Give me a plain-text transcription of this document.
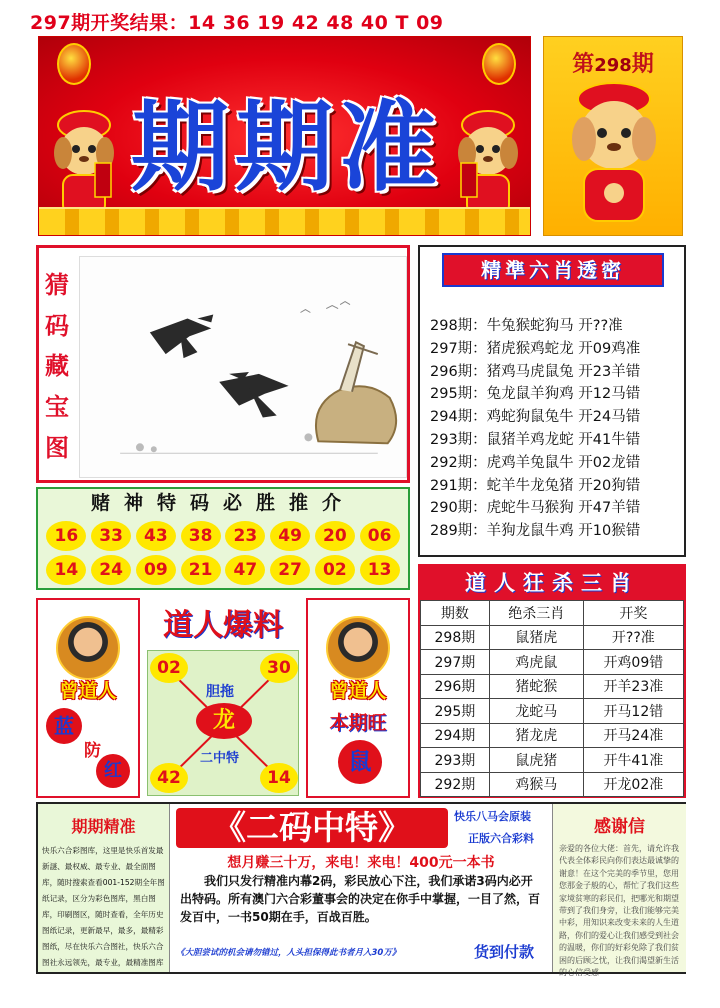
297期开奖结果：14 36 19 42 48 40 T 09
期期准
第298期
猜
码
藏
宝
图
精準六肖透密
298期：牛兔猴蛇狗马 开??准
297期：猪虎猴鸡蛇龙 开09鸡准
296期：猪鸡马虎鼠兔 开23羊错
295期：兔龙鼠羊狗鸡 开12马错
294期：鸡蛇狗鼠兔牛 开24马错
293期：鼠猪羊鸡龙蛇 开41牛错
292期：虎鸡羊兔鼠牛 开02龙错
291期：蛇羊牛龙兔猪 开20狗错
290期：虎蛇牛马猴狗 开47羊错
289期：羊狗龙鼠牛鸡 开10猴错
赌神特码必胜推介
16	33	43	38	23	49	20	06
14	24	09	21	47	27	02	13	道人狂杀三肖
期数	绝杀三肖	开奖
298期	鼠猪虎	开??准
297期	鸡虎鼠	开鸡09错
296期	猪蛇猴	开羊23准
295期	龙蛇马	开马12错
294期	猪龙虎	开马24准
293期	鼠虎猪	开牛41准
292期	鸡猴马	开龙02准
曾道人
蓝
防
红
道人爆料
02	30
42	14
胆拖
龙
二中特
曾道人
本期旺
鼠
期期精准

快乐六合彩图库，这里是快乐首发最新謎、最权威、最专业、最全面图库，随时搜索查看001-152期全年图纸记录，区分为彩色图库，黑白图库，印刷图区，随时查看，全年历史图纸记录，更新最早，最多，最精彩图纸，尽在快乐六合图社，快乐六合图社永远领先，最专业，最精准图库

《二码中特》	快乐八马会原装
正版六合彩料
想月赚三十万，来电！来电！400元一本书
我们只发行精准内幕2码，彩民放心下注，我们承诺3码内必开出特码。所有澳门六合彩董事会的决定在你手中掌握，一目了然，百发百中，一书50期在手，百战百胜。
《大胆尝试的机会请勿错过，人头担保得此书者月入30万》	货到付款
感谢信

亲爱的各位大佬：首先，请允许我代表全体彩民向你们表达最诚挚的谢意！在这个完美的季节里，您用您那金子般的心，帮忙了我们这些家境贫寒的彩民们，把哪光和期望带到了我们身旁，让我们能够完美中彩，用知识来改变未来的人生道路，你们的爱心让我们感受到社会的温暖，你们的好彩免除了我们贫困的后顾之忧，让我们渴望新生活的心信受感
